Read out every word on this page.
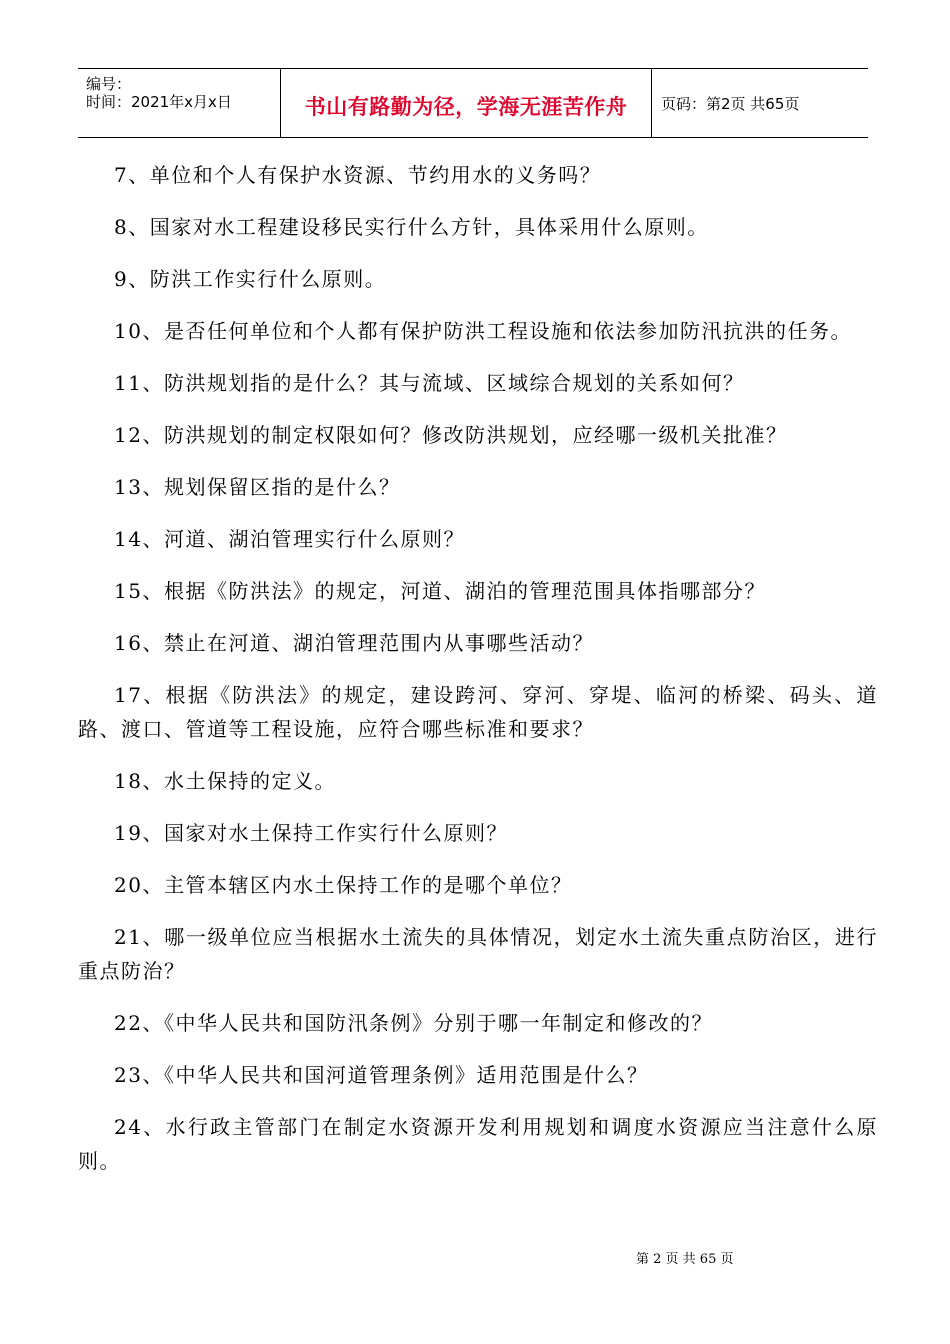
编号：
时间：2021年x月x日	书山有路勤为径，学海无涯苦作舟	页码：第2页 共65页

7、单位和个人有保护水资源、节约用水的义务吗？

8、国家对水工程建设移民实行什么方针，具体采用什么原则。

9、防洪工作实行什么原则。

10、是否任何单位和个人都有保护防洪工程设施和依法参加防汛抗洪的任务。

11、防洪规划指的是什么？其与流域、区域综合规划的关系如何？

12、防洪规划的制定权限如何？修改防洪规划，应经哪一级机关批准？

13、规划保留区指的是什么？

14、河道、湖泊管理实行什么原则？

15、根据《防洪法》的规定，河道、湖泊的管理范围具体指哪部分？

16、禁止在河道、湖泊管理范围内从事哪些活动？

17、根据《防洪法》的规定，建设跨河、穿河、穿堤、临河的桥梁、码头、道路、渡口、管道等工程设施，应符合哪些标准和要求？

18、水土保持的定义。

19、国家对水土保持工作实行什么原则？

20、主管本辖区内水土保持工作的是哪个单位？

21、哪一级单位应当根据水土流失的具体情况，划定水土流失重点防治区，进行重点防治？

22、《中华人民共和国防汛条例》分别于哪一年制定和修改的？

23、《中华人民共和国河道管理条例》适用范围是什么？

24、水行政主管部门在制定水资源开发利用规划和调度水资源应当注意什么原则。

第 2 页 共 65 页
